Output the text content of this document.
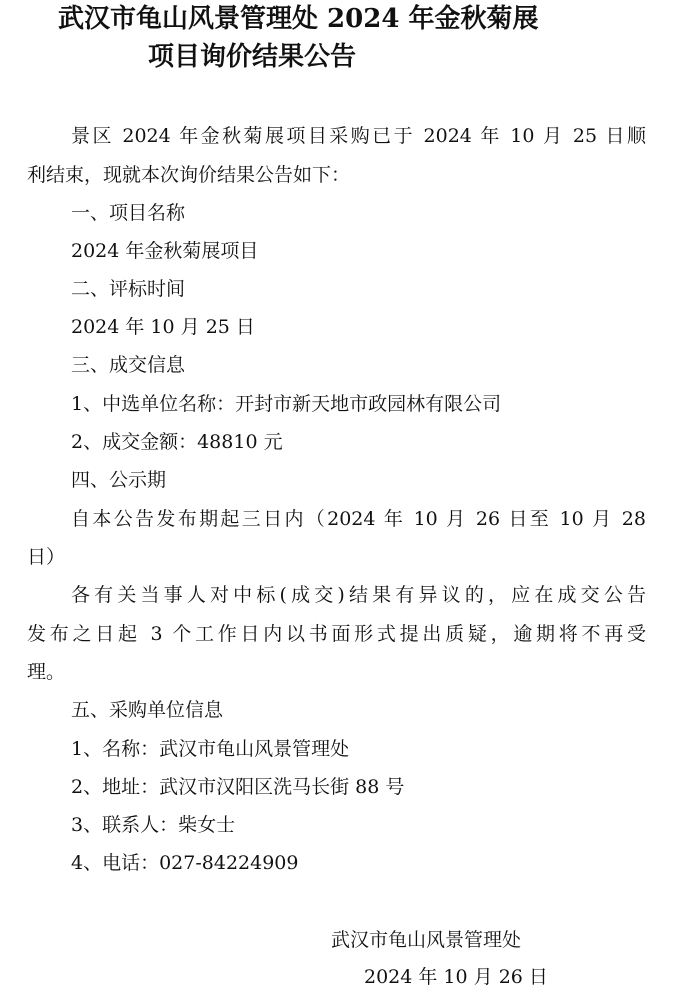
武汉市龟山风景管理处 2024 年金秋菊展
项目询价结果公告
景区 2024 年金秋菊展项目采购已于 2024 年 10 月 25 日顺
利结束，现就本次询价结果公告如下：
一、项目名称
2024 年金秋菊展项目
二、评标时间
2024 年 10 月 25 日
三、成交信息
1、中选单位名称：开封市新天地市政园林有限公司
2、成交金额：48810 元
四、公示期
自本公告发布期起三日内（2024 年 10 月 26 日至 10 月 28
日）
各有关当事人对中标(成交)结果有异议的，应在成交公告
发布之日起 3 个工作日内以书面形式提出质疑，逾期将不再受
理。
五、采购单位信息
1、名称：武汉市龟山风景管理处
2、地址：武汉市汉阳区洗马长街 88 号
3、联系人：柴女士
4、电话：027-84224909
武汉市龟山风景管理处
2024 年 10 月 26 日
